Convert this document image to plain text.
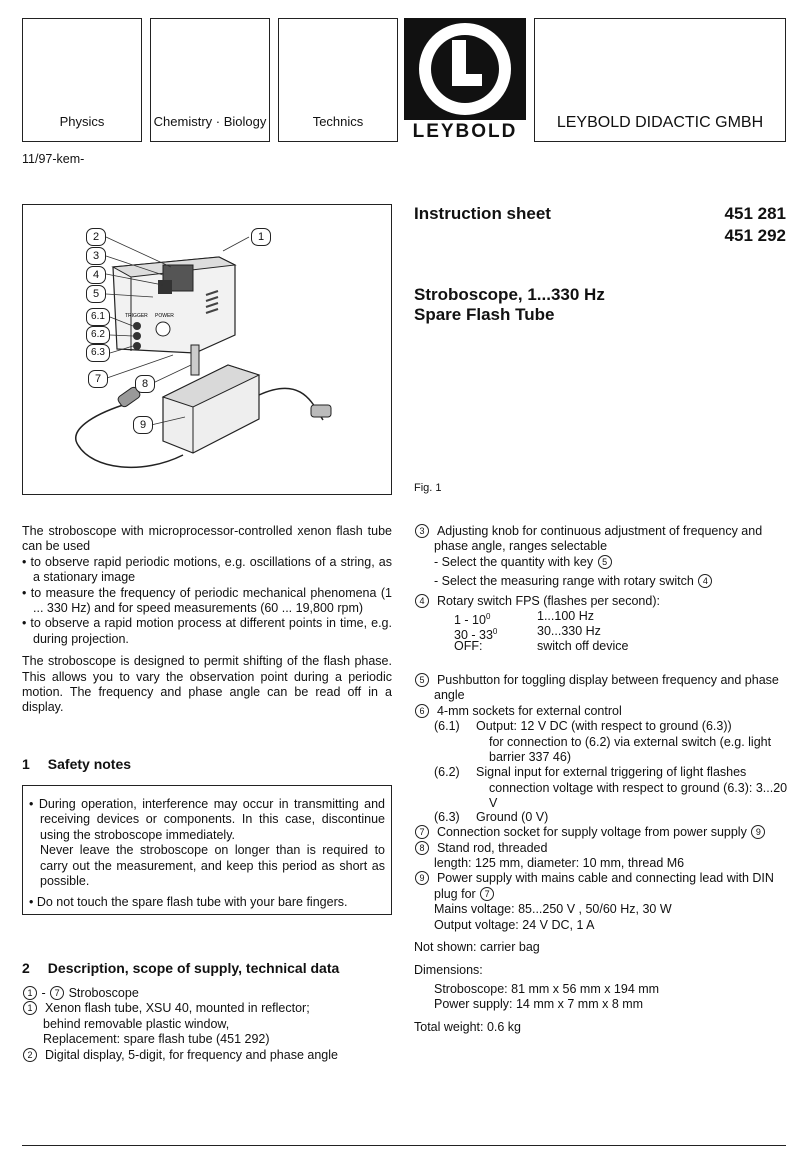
Physics	Chemistry · Biology	Technics	LEYBOLD	LEYBOLD DIDACTIC GMBH
11/97-kem-
TRIGGER POWER
2
3
4
5
6.1
6.2
6.3
7	8
9
1
Fig. 1
Instruction sheet	451 281
451 292
Stroboscope, 1...330 Hz
Spare Flash Tube

The stroboscope with microprocessor-controlled xenon flash tube can be used

• to observe rapid periodic motions, e.g. oscillations of a string, as a stationary image

• to measure the frequency of periodic mechanical phenomena (1 ... 330 Hz) and for speed measurements (60 ... 19,800 rpm)

• to observe a rapid motion process at different points in time, e.g. during projection.

The stroboscope is designed to permit shifting of the flash phase. This allows you to vary the observation point during a periodic motion. The frequency and phase angle can be read off in a display.

1 Safety notes

• During operation, interference may occur in transmitting and receiving devices or components. In this case, discontinue using the stroboscope immediately.

Never leave the stroboscope on longer than is required to carry out the measurement, and keep this period as short as possible.

• Do not touch the spare flash tube with your bare fingers.

2 Description, scope of supply, technical data

1 - 7 Stroboscope

1 Xenon flash tube, XSU 40, mounted in reflector;

behind removable plastic window,

Replacement: spare flash tube (451 292)

2 Digital display, 5-digit, for frequency and phase angle

3 Adjusting knob for continuous adjustment of frequency and phase angle, ranges selectable

- Select the quantity with key 5

- Select the measuring range with rotary switch 4

4 Rotary switch FPS (flashes per second):

$1 - 10^0$	1...100 Hz
$30 - 33^0$	30...330 Hz
OFF:	switch off device

5 Pushbutton for toggling display between frequency and phase angle

6 4-mm sockets for external control

(6.1) Output: 12 V DC (with respect to ground (6.3))
for connection to (6.2) via external switch (e.g. light barrier 337 46)
(6.2) Signal input for external triggering of light flashes connection voltage with respect to ground (6.3): 3...20 V
(6.3) Ground (0 V)

7 Connection socket for supply voltage from power supply 9

8 Stand rod, threaded

length: 125 mm, diameter: 10 mm, thread M6

9 Power supply with mains cable and connecting lead with DIN plug for 7

Mains voltage: 85...250 V , 50/60 Hz, 30 W

Output voltage: 24 V DC, 1 A

Not shown: carrier bag

Dimensions:

Stroboscope: 81 mm x 56 mm x 194 mm

Power supply: 14 mm x 7 mm x 8 mm

Total weight: 0.6 kg
